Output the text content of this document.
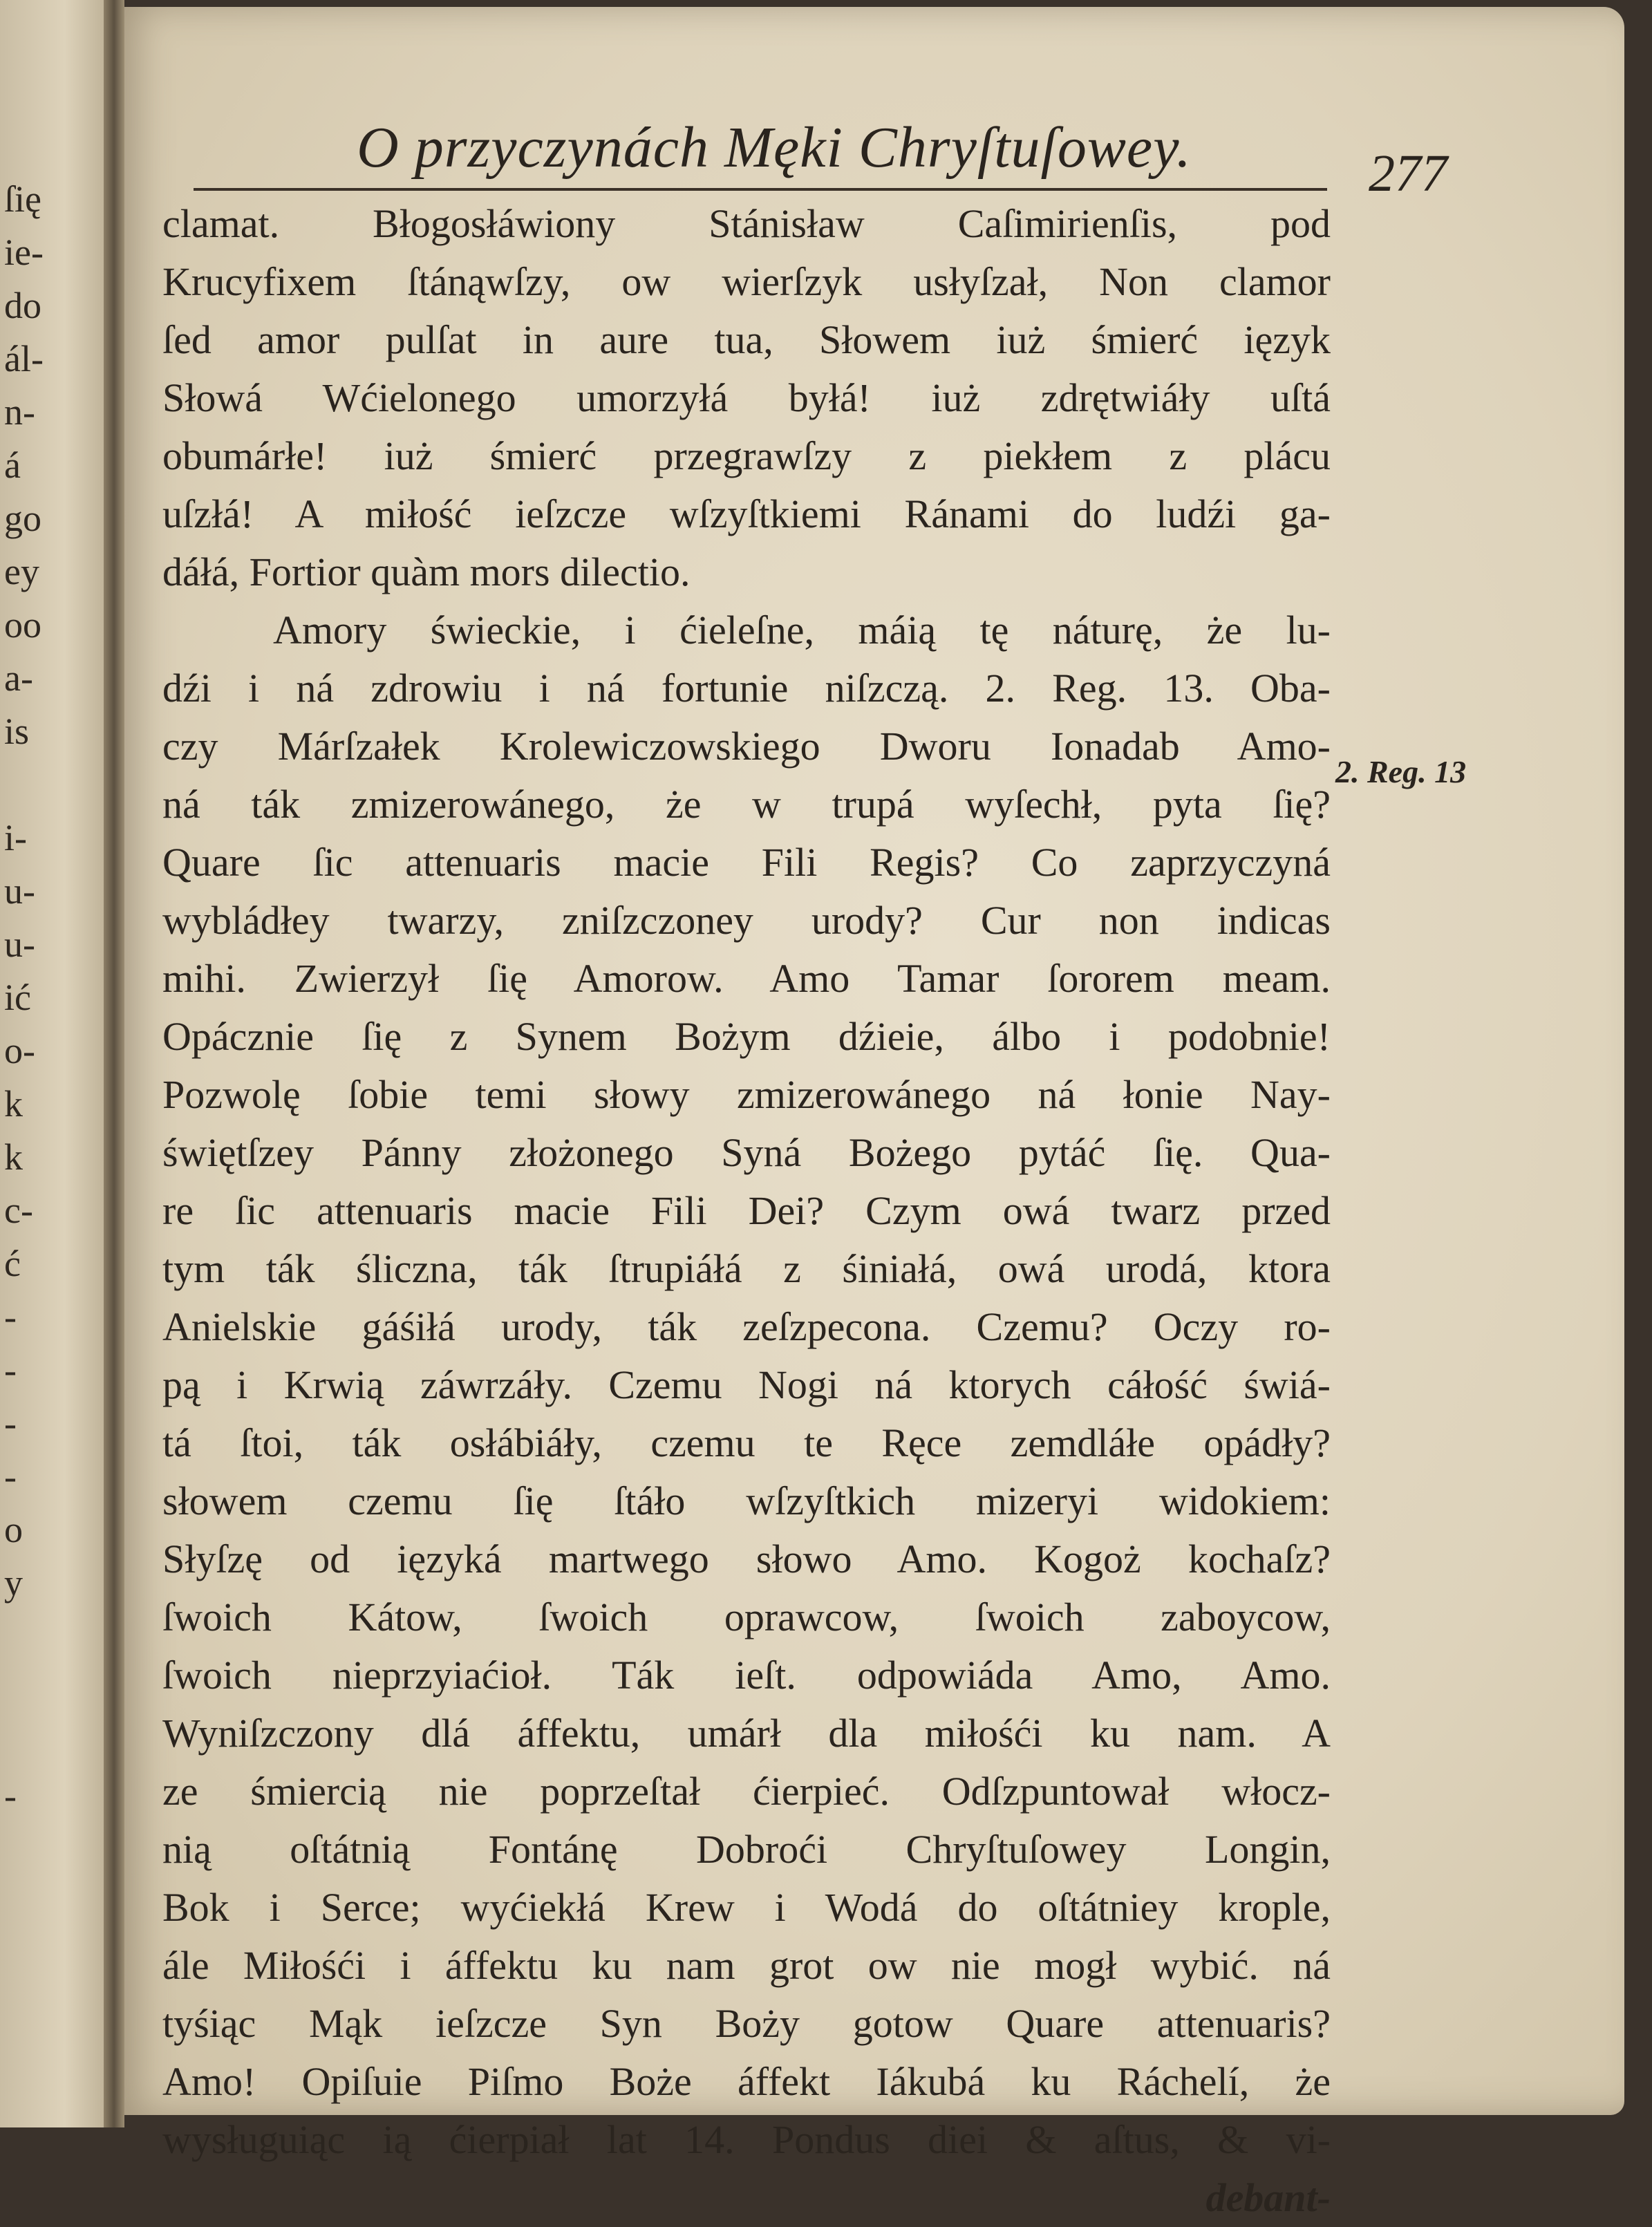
ſię
ie-
do
ál-
n-
á
go
ey
oo
a-
is

i-
u-
u-
ić
o-
k
k
c-
ć
-
-
-
-
o
y

-
O przyczynách Męki Chryſtuſowey.	277
clamat. Błogosłáwiony Stánisław Caſimirienſis, pod
Krucyfixem ſtánąwſzy, ow wierſzyk usłyſzał, Non clamor
ſed amor pulſat in aure tua, Słowem iuż śmierć ięzyk
Słowá Wćielonego umorzyłá byłá! iuż zdrętwiáły uſtá
obumárłe! iuż śmierć przegrawſzy z piekłem z plácu
uſzłá! A miłość ieſzcze wſzyſtkiemi Ránami do ludźi ga-
dáłá, Fortior quàm mors dilectio.
Amory świeckie, i ćieleſne, máią tę náturę, że lu-
dźi i ná zdrowiu i ná fortunie niſzczą. 2. Reg. 13. Oba-
czy Márſzałek Krolewiczowskiego Dworu Ionadab Amo-
ná ták zmizerowánego, że w trupá wyſechł, pyta ſię?
Quare ſic attenuaris macie Fili Regis? Co zaprzyczyná
wybládłey twarzy, zniſzczoney urody? Cur non indicas
mihi. Zwierzył ſię Amorow. Amo Tamar ſororem meam.
Opácznie ſię z Synem Bożym dźieie, álbo i podobnie!
Pozwolę ſobie temi słowy zmizerowánego ná łonie Nay-
świętſzey Pánny złożonego Syná Bożego pytáć ſię. Qua-
re ſic attenuaris macie Fili Dei? Czym owá twarz przed
tym ták śliczna, ták ſtrupiáłá z śiniałá, owá urodá, ktora
Anielskie gáśiłá urody, ták zeſzpecona. Czemu? Oczy ro-
pą i Krwią záwrzáły. Czemu Nogi ná ktorych cáłość świá-
tá ſtoi, ták osłábiáły, czemu te Ręce zemdláłe opádły?
słowem czemu ſię ſtáło wſzyſtkich mizeryi widokiem:
Słyſzę od ięzyká martwego słowo Amo. Kogoż kochaſz?
ſwoich Kátow, ſwoich oprawcow, ſwoich zaboycow,
ſwoich nieprzyiaćioł. Ták ieſt. odpowiáda Amo, Amo.
Wyniſzczony dlá áffektu, umárł dla miłośći ku nam. A
ze śmiercią nie poprzeſtał ćierpieć. Odſzpuntował włocz-
nią oſtátnią Fontánę Dobroći Chryſtuſowey Longin,
Bok i Serce; wyćiekłá Krew i Wodá do oſtátniey krople,
ále Miłośći i áffektu ku nam grot ow nie mogł wybić. ná
tyśiąc Mąk ieſzcze Syn Boży gotow Quare attenuaris?
Amo! Opiſuie Piſmo Boże áffekt Iákubá ku Ráchelí, że
wysługuiąc ią ćierpiał lat 14. Pondus diei & aſtus, & vi-
debant-
2. Reg. 13
